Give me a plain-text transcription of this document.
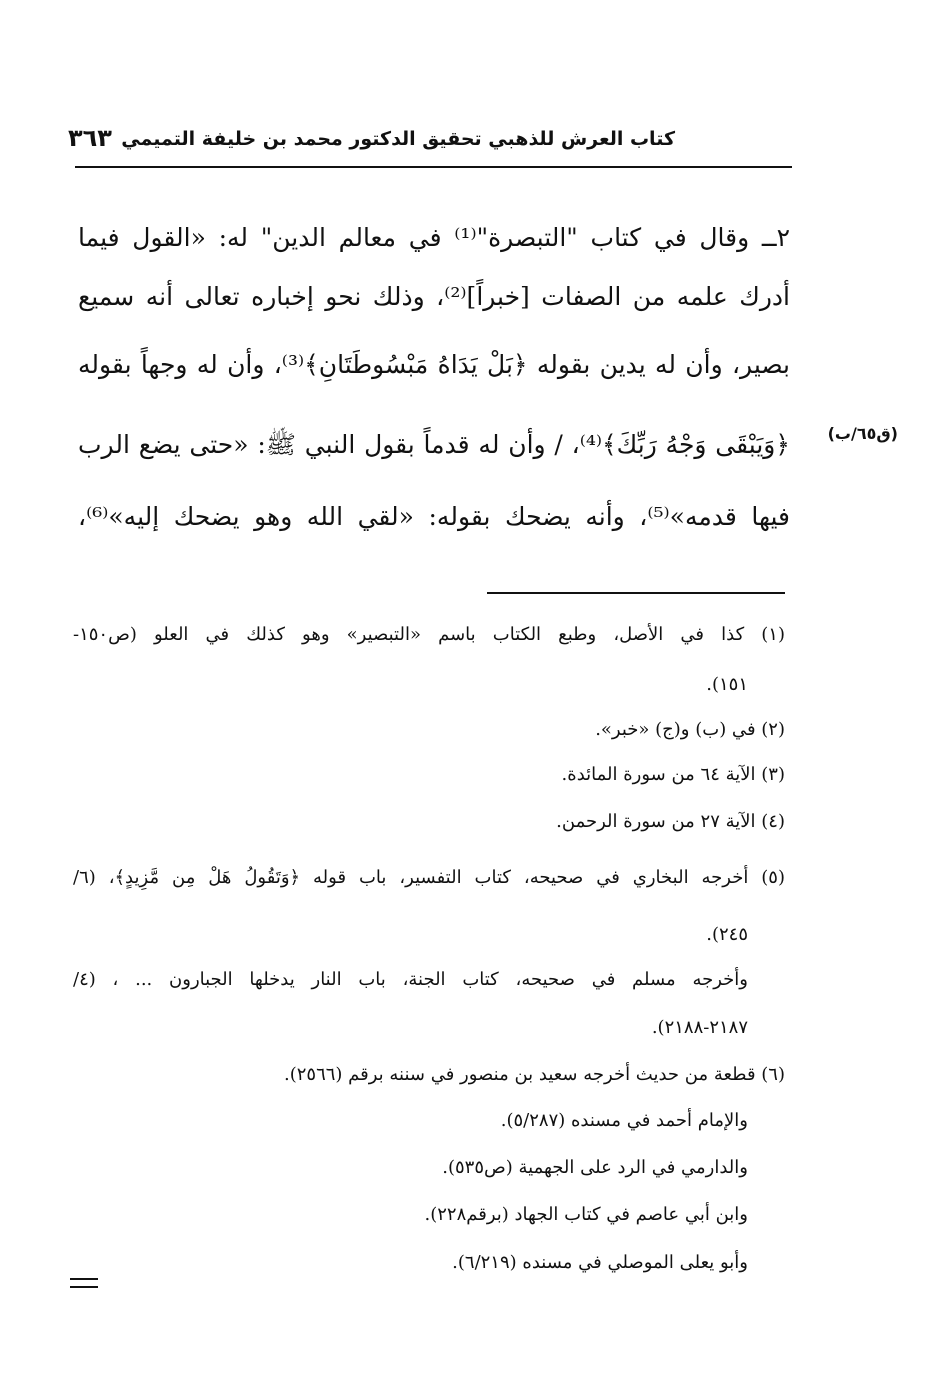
كتاب العرش للذهبي تحقيق الدكتور محمد بن خليفة التميمي
٣٦٣
٢ــ وقال في كتاب "التبصرة"⁽¹⁾ في معالم الدين" له: «القول فيما
أدرك علمه من الصفات [خبراً]⁽²⁾، وذلك نحو إخباره تعالى أنه سميع
بصير، وأن له يدين بقوله ﴿بَلْ يَدَاهُ مَبْسُوطَتَانِ﴾⁽³⁾، وأن له وجهاً بقوله
﴿وَيَبْقَى وَجْهُ رَبِّكَ﴾⁽⁴⁾، / وأن له قدماً بقول النبي ﷺ: «حتى يضع الرب
فيها قدمه»⁽⁵⁾، وأنه يضحك بقوله: «لقي الله وهو يضحك إليه»⁽⁶⁾،
(ق٦٥/ب)
(١) كذا في الأصل، وطبع الكتاب باسم «التبصير» وهو كذلك في العلو (ص١٥٠-
١٥١).
(٢) في (ب) و(ج) «خبر».
(٣) الآية ٦٤ من سورة المائدة.
(٤) الآية ٢٧ من سورة الرحمن.
(٥) أخرجه البخاري في صحيحه، كتاب التفسير، باب قوله ﴿وَتَقُولُ هَلْ مِن مَّزِيدٍ﴾، (٦/
٢٤٥).
وأخرجه مسلم في صحيحه، كتاب الجنة، باب النار يدخلها الجبارون ... ، (٤/
٢١٨٧-٢١٨٨).
(٦) قطعة من حديث أخرجه سعيد بن منصور في سننه برقم (٢٥٦٦).
والإمام أحمد في مسنده (٥/٢٨٧).
والدارمي في الرد على الجهمية (ص٥٣٥).
وابن أبي عاصم في كتاب الجهاد (برقم٢٢٨).
وأبو يعلى الموصلي في مسنده (٦/٢١٩).
